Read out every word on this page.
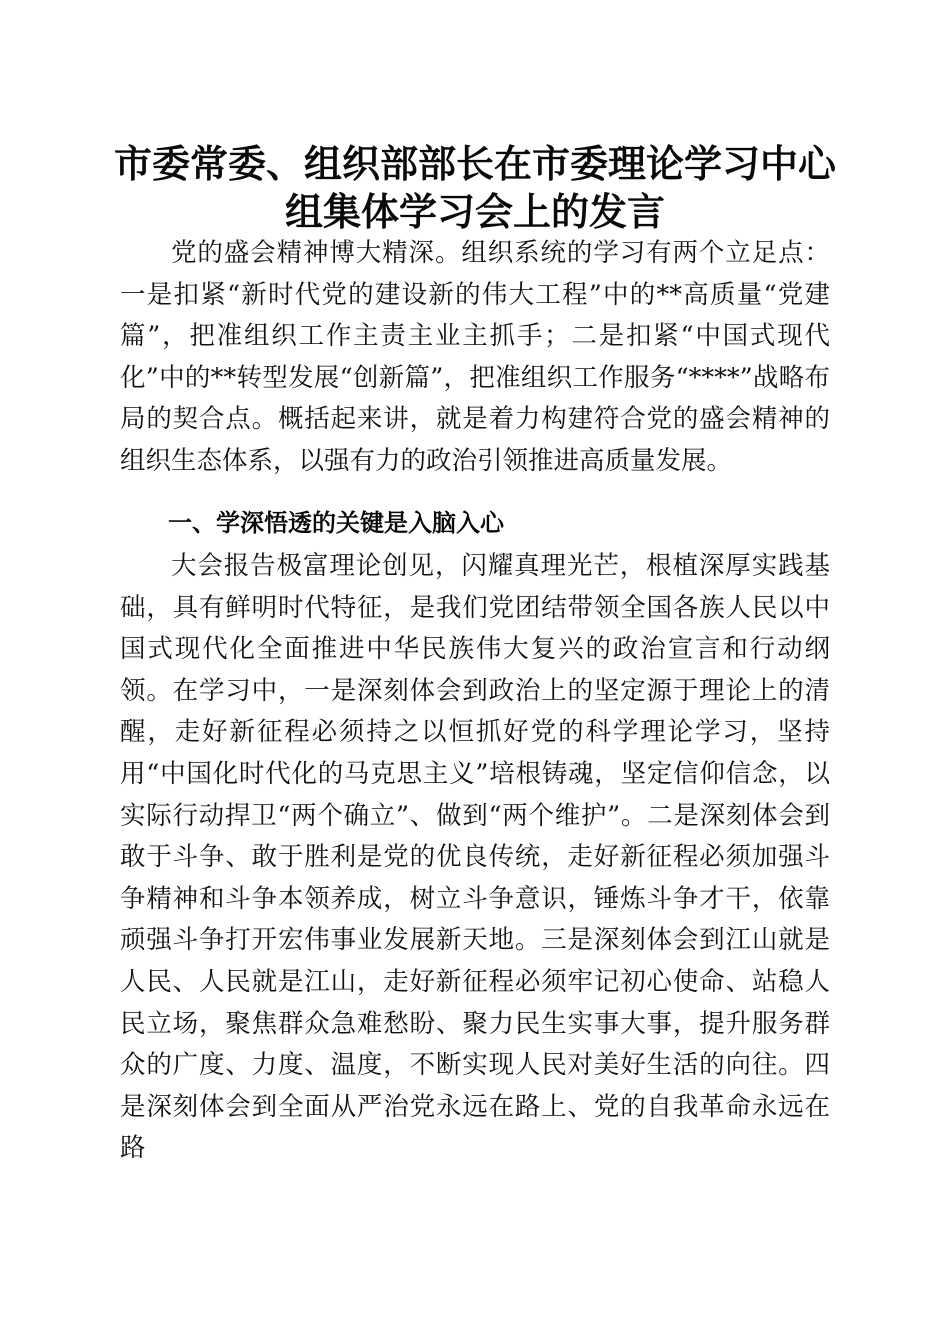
市委常委、组织部部长在市委理论学习中心组集体学习会上的发言

党的盛会精神博大精深。组织系统的学习有两个立足点：一是扣紧“新时代党的建设新的伟大工程”中的**高质量“党建篇”，把准组织工作主责主业主抓手；二是扣紧“中国式现代化”中的**转型发展“创新篇”，把准组织工作服务“****”战略布局的契合点。概括起来讲，就是着力构建符合党的盛会精神的组织生态体系，以强有力的政治引领推进高质量发展。

一、学深悟透的关键是入脑入心

大会报告极富理论创见，闪耀真理光芒，根植深厚实践基础，具有鲜明时代特征，是我们党团结带领全国各族人民以中国式现代化全面推进中华民族伟大复兴的政治宣言和行动纲领。在学习中，一是深刻体会到政治上的坚定源于理论上的清醒，走好新征程必须持之以恒抓好党的科学理论学习，坚持用“中国化时代化的马克思主义”培根铸魂，坚定信仰信念，以实际行动捍卫“两个确立”、做到“两个维护”。二是深刻体会到敢于斗争、敢于胜利是党的优良传统，走好新征程必须加强斗争精神和斗争本领养成，树立斗争意识，锤炼斗争才干，依靠顽强斗争打开宏伟事业发展新天地。三是深刻体会到江山就是人民、人民就是江山，走好新征程必须牢记初心使命、站稳人民立场，聚焦群众急难愁盼、聚力民生实事大事，提升服务群众的广度、力度、温度，不断实现人民对美好生活的向往。四是深刻体会到全面从严治党永远在路上、党的自我革命永远在路
